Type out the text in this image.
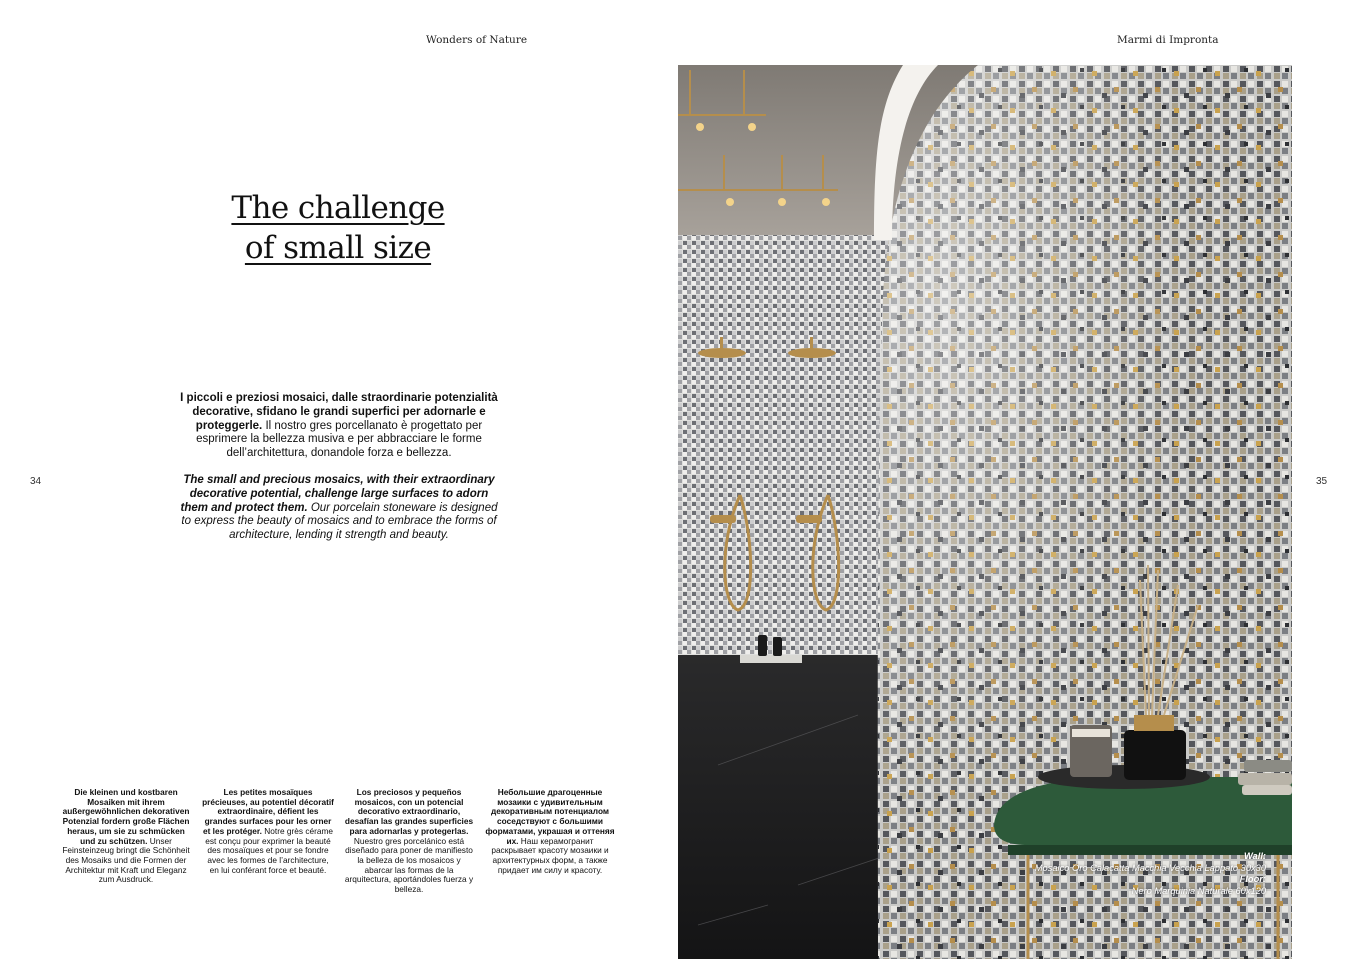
Wonders of Nature	Marmi di Impronta
34	35
The challenge
of small size
I piccoli e preziosi mosaici, dalle straordinarie potenzialità decorative, sfidano le grandi superfici per adornarle e proteggerle. Il nostro gres porcellanato è progettato per esprimere la bellezza musiva e per abbracciare le forme dell’architettura, donandole forza e bellezza.
The small and precious mosaics, with their extraordinary decorative potential, challenge large surfaces to adorn them and protect them. Our porcelain stoneware is designed to express the beauty of mosaics and to embrace the forms of architecture, lending it strength and beauty.
Die kleinen und kostbaren Mosaiken mit ihrem außergewöhnlichen dekorativen Potenzial fordern große Flächen heraus, um sie zu schmücken und zu schützen. Unser Feinsteinzeug bringt die Schönheit des Mosaiks und die Formen der Architektur mit Kraft und Eleganz zum Ausdruck.
Les petites mosaïques précieuses, au potentiel décoratif extraordinaire, défient les grandes surfaces pour les orner et les protéger. Notre grès cérame est conçu pour exprimer la beauté des mosaïques et pour se fondre avec les formes de l’architecture, en lui conférant force et beauté.
Los preciosos y pequeños mosaicos, con un potencial decorativo extraordinario, desafían las grandes superficies para adornarlas y protegerlas. Nuestro gres porcelánico está diseñado para poner de manifiesto la belleza de los mosaicos y abarcar las formas de la arquitectura, aportándoles fuerza y belleza.
Небольшие драгоценные мозаики с удивительным декоративным потенциалом соседствуют с большими форматами, украшая и оттеняя их. Наш керамогранит раскрывает красоту мозаики и архитектурных форм, а также придает им силу и красоту.
Wall:
Mosaico Oro Calacatta Macchia Vecchia Lappato 30x30
Floor:
Nero Marquinia Naturale 60x120
